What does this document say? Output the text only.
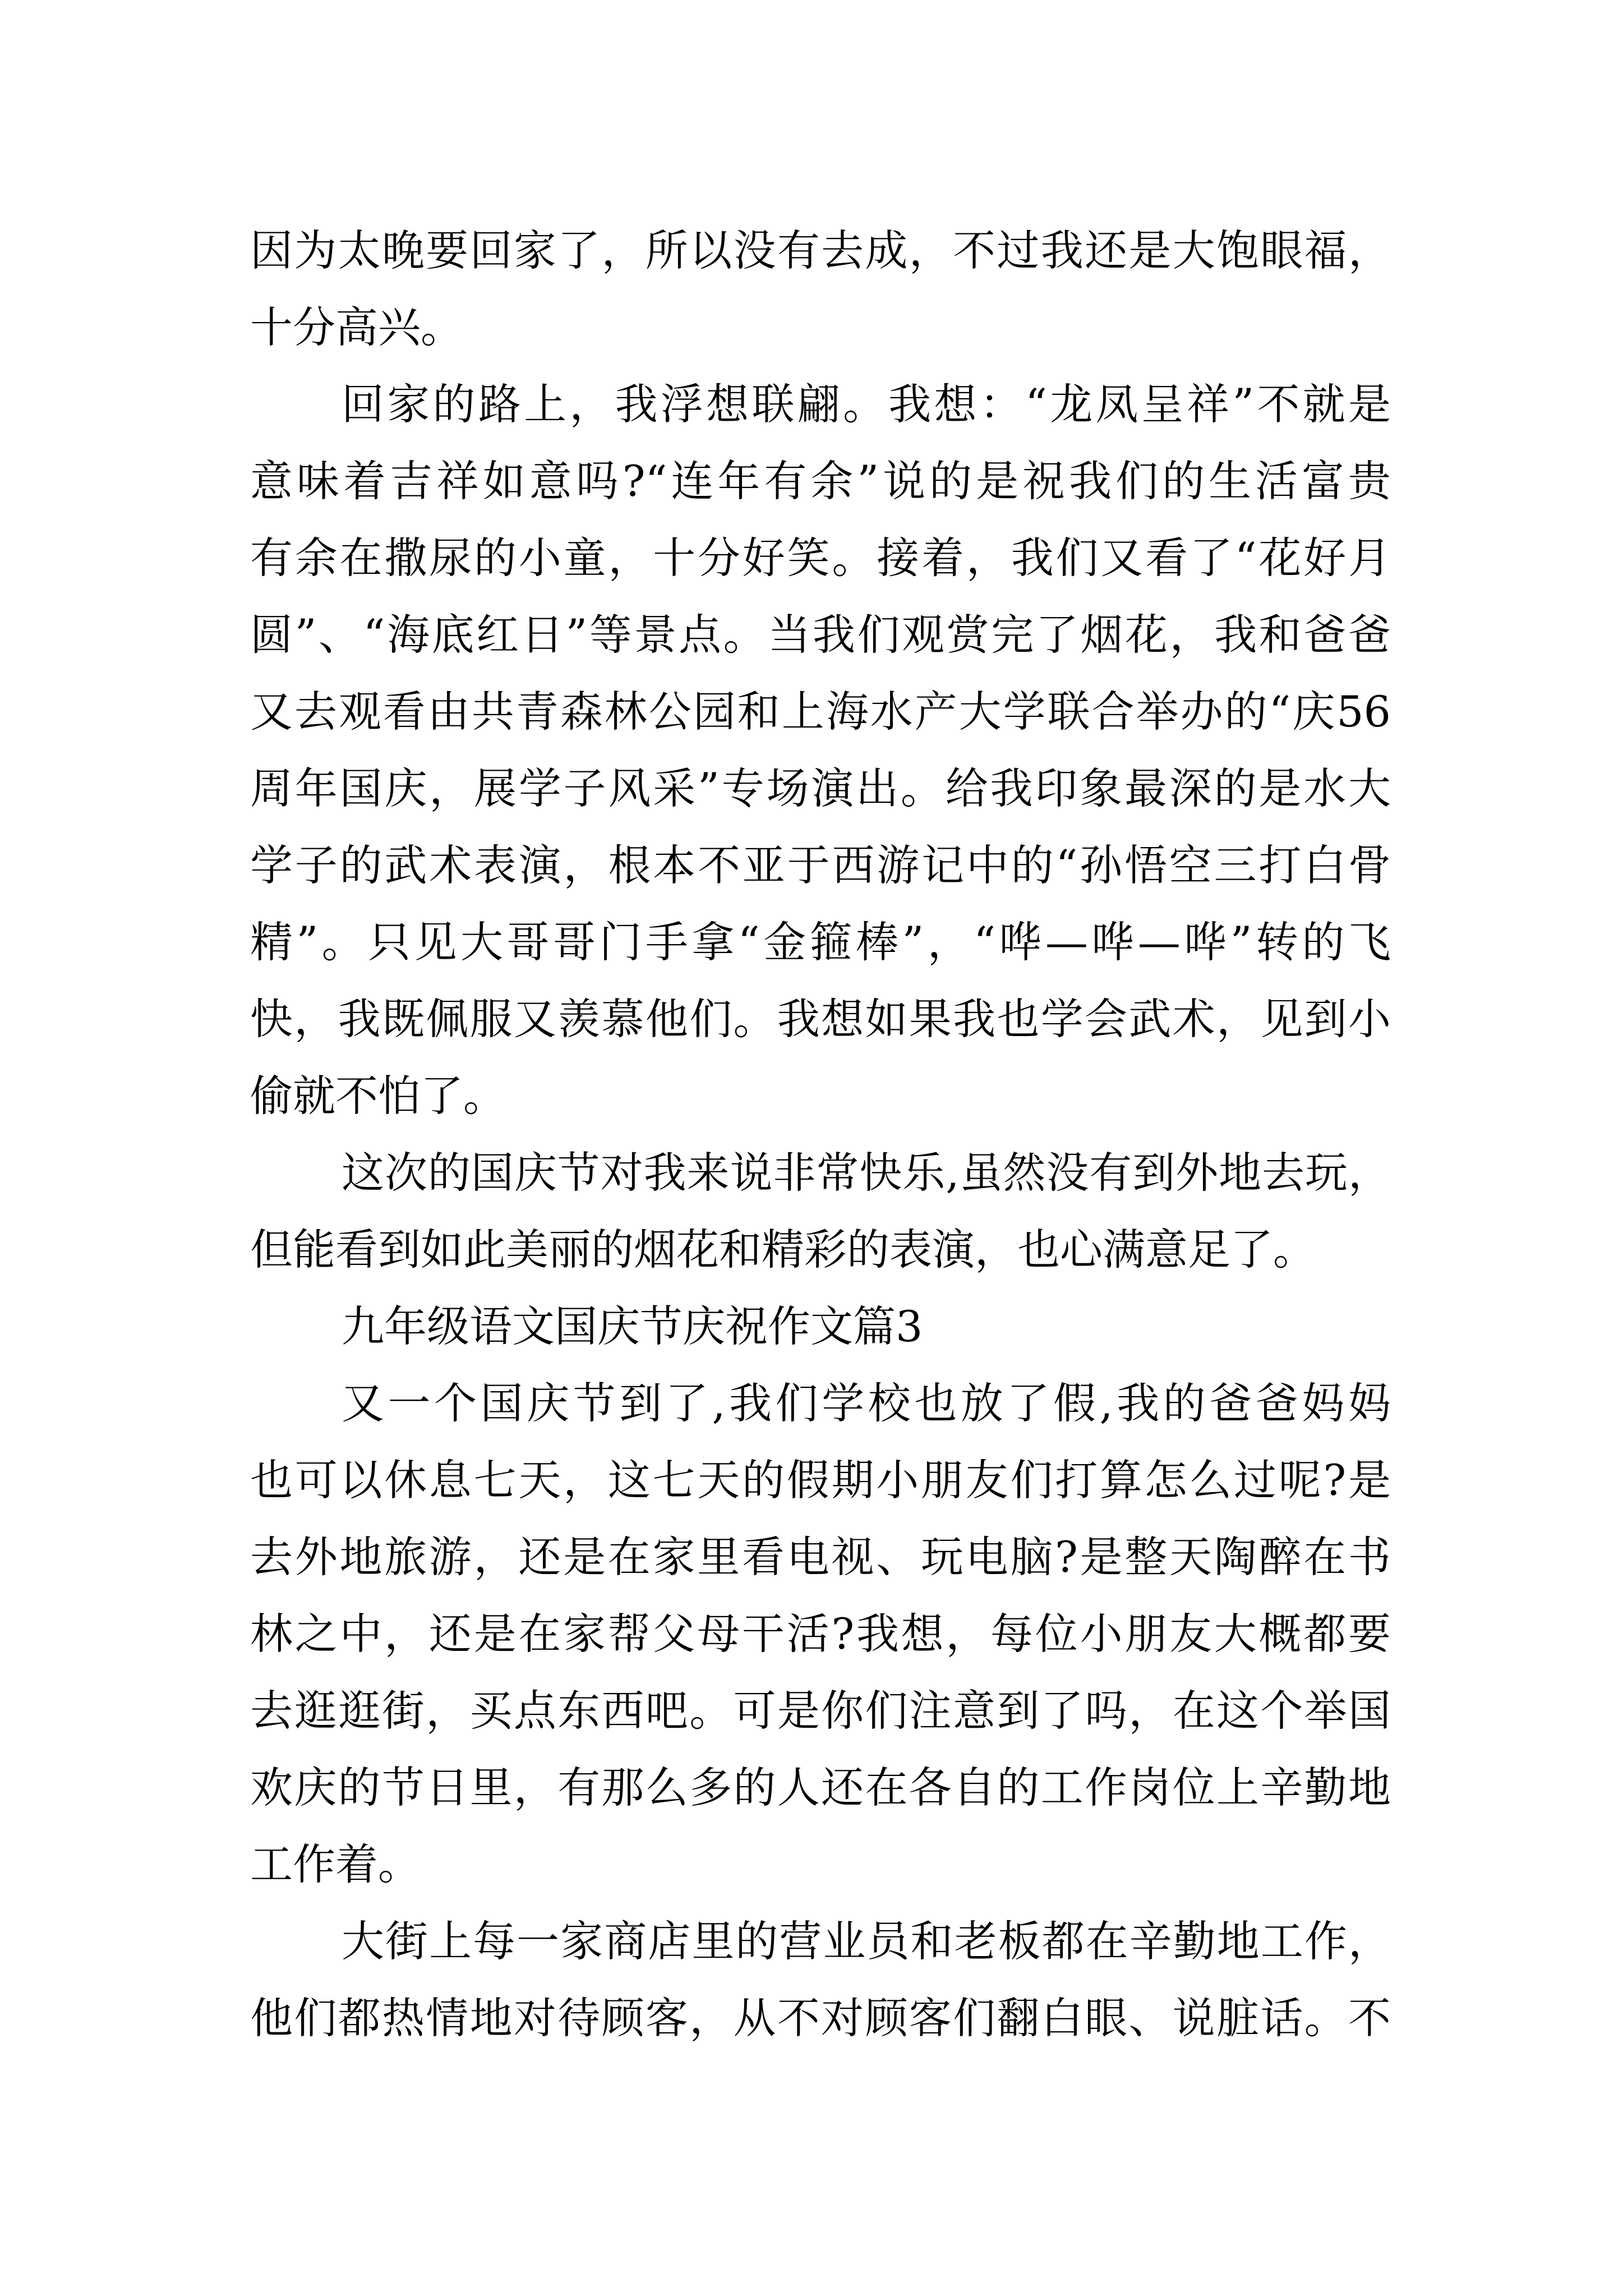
因为太晚要回家了，所以没有去成，不过我还是大饱眼福，
十分高兴。
回家的路上，我浮想联翩。我想：“龙凤呈祥”不就是
意味着吉祥如意吗?“连年有余”说的是祝我们的生活富贵
有余在撒尿的小童，十分好笑。接着，我们又看了“花好月
圆”、“海底红日”等景点。当我们观赏完了烟花，我和爸爸
又去观看由共青森林公园和上海水产大学联合举办的“庆56
周年国庆，展学子风采”专场演出。给我印象最深的是水大
学子的武术表演，根本不亚于西游记中的“孙悟空三打白骨
精”。只见大哥哥门手拿“金箍棒”，“哗—哗—哗”转的飞
快，我既佩服又羡慕他们。我想如果我也学会武术，见到小
偷就不怕了。
这次的国庆节对我来说非常快乐,虽然没有到外地去玩，
但能看到如此美丽的烟花和精彩的表演，也心满意足了。
九年级语文国庆节庆祝作文篇3
又一个国庆节到了,我们学校也放了假,我的爸爸妈妈
也可以休息七天，这七天的假期小朋友们打算怎么过呢?是
去外地旅游，还是在家里看电视、玩电脑?是整天陶醉在书
林之中，还是在家帮父母干活?我想，每位小朋友大概都要
去逛逛街，买点东西吧。可是你们注意到了吗，在这个举国
欢庆的节日里，有那么多的人还在各自的工作岗位上辛勤地
工作着。
大街上每一家商店里的营业员和老板都在辛勤地工作，
他们都热情地对待顾客，从不对顾客们翻白眼、说脏话。不
